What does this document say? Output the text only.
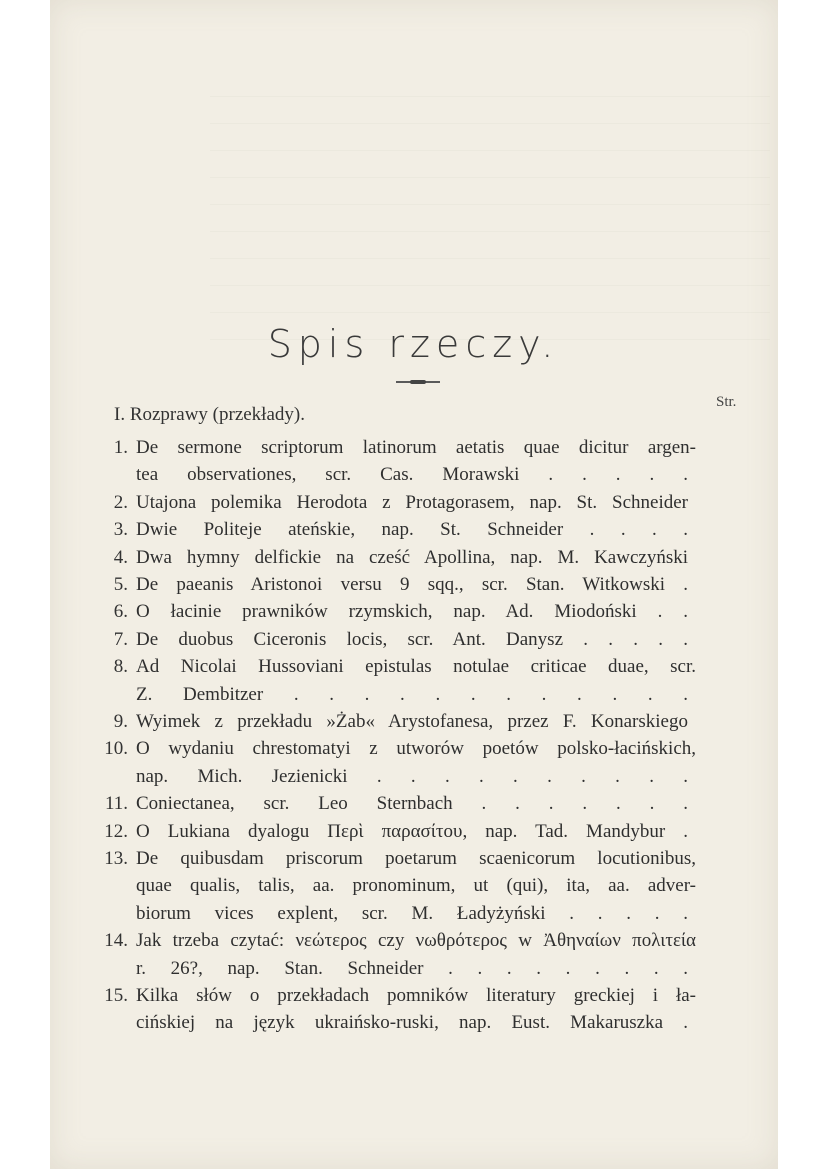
Spis rzeczy.
Str.
I. Rozprawy (przekłady).
1. De sermone scriptorum latinorum aetatis quae dicitur argen-
tea observationes, scr. Cas. Morawski . . . . .
2. Utajona polemika Herodota z Protagorasem, nap. St. Schneider
3. Dwie Politeje ateńskie, nap. St. Schneider . . . .
4. Dwa hymny delfickie na cześć Apollina, nap. M. Kawczyński
5. De paeanis Aristonoi versu 9 sqq., scr. Stan. Witkowski .
6. O łacinie prawników rzymskich, nap. Ad. Miodoński . .
7. De duobus Ciceronis locis, scr. Ant. Danysz . . . . .
8. Ad Nicolai Hussoviani epistulas notulae criticae duae, scr.
Z. Dembitzer . . . . . . . . . . . .
9. Wyimek z przekładu »Żab« Arystofanesa, przez F. Konarskiego
10. O wydaniu chrestomatyi z utworów poetów polsko-łacińskich,
nap. Mich. Jezienicki . . . . . . . . . .
11. Coniectanea, scr. Leo Sternbach . . . . . . .
12. O Lukiana dyalogu Περὶ παρασίτου, nap. Tad. Mandybur .
13. De quibusdam priscorum poetarum scaenicorum locutionibus,
quae qualis, talis, aa. pronominum, ut (qui), ita, aa. adver-
biorum vices explent, scr. M. Ładyżyński . . . . .
14. Jak trzeba czytać: νεώτερος czy νωθρότερος w Ἀθηναίων πολιτεία
r. 26?, nap. Stan. Schneider . . . . . . . . .
15. Kilka słów o przekładach pomników literatury greckiej i ła-
cińskiej na język ukraińsko-ruski, nap. Eust. Makaruszka .
